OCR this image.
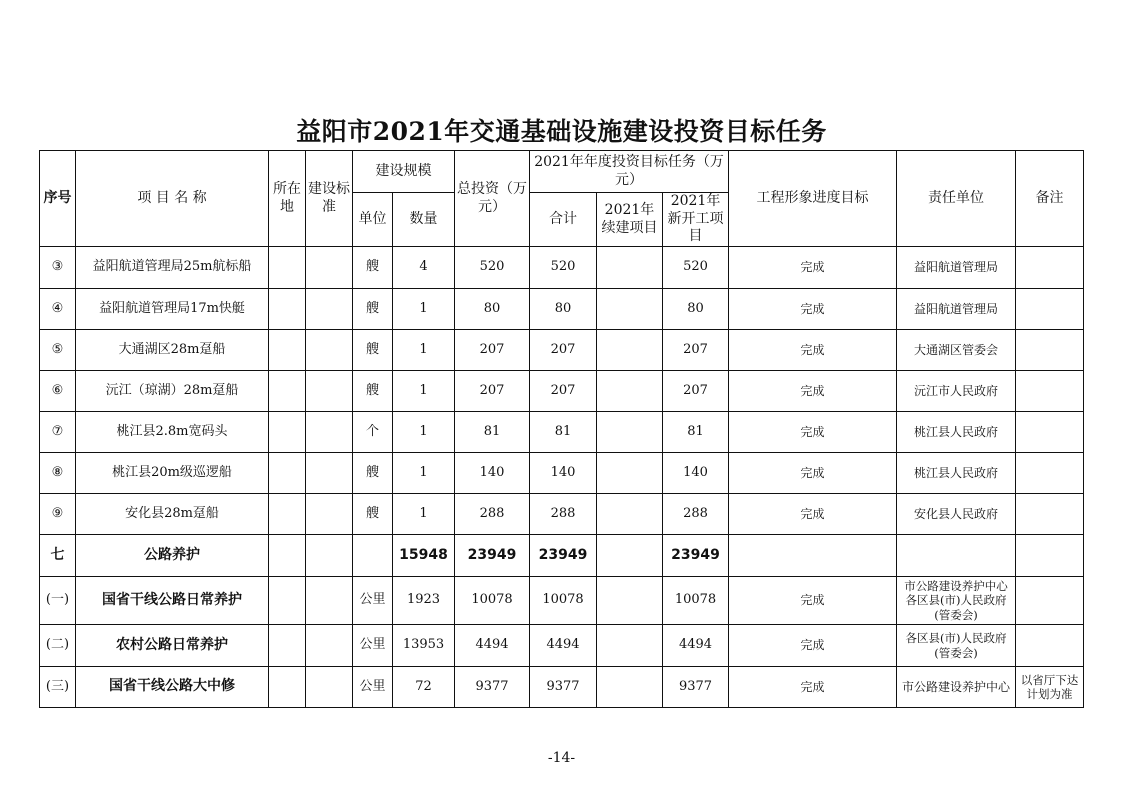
益阳市2021年交通基础设施建设投资目标任务
序号	项 目 名 称	所在地	建设标准	建设规模		总投资（万元）	2021年年度投资目标任务（万元）			工程形象进度目标	责任单位	备注
				单位	数量		合计	2021年续建项目	2021年新开工项目			
③	益阳航道管理局25m航标船			艘	4	520	520		520	完成	益阳航道管理局	
④	益阳航道管理局17m快艇			艘	1	80	80		80	完成	益阳航道管理局	
⑤	大通湖区28m趸船			艘	1	207	207		207	完成	大通湖区管委会	
⑥	沅江（琼湖）28m趸船			艘	1	207	207		207	完成	沅江市人民政府	
⑦	桃江县2.8m宽码头			个	1	81	81		81	完成	桃江县人民政府	
⑧	桃江县20m级巡逻船			艘	1	140	140		140	完成	桃江县人民政府	
⑨	安化县28m趸船			艘	1	288	288		288	完成	安化县人民政府	
七	公路养护				15948	23949	23949		23949			
(一)	国省干线公路日常养护			公里	1923	10078	10078		10078	完成	市公路建设养护中心各区县(市)人民政府(管委会)	
(二)	农村公路日常养护			公里	13953	4494	4494		4494	完成	各区县(市)人民政府(管委会)	
(三)	国省干线公路大中修			公里	72	9377	9377		9377	完成	市公路建设养护中心	以省厅下达计划为准
-14-
